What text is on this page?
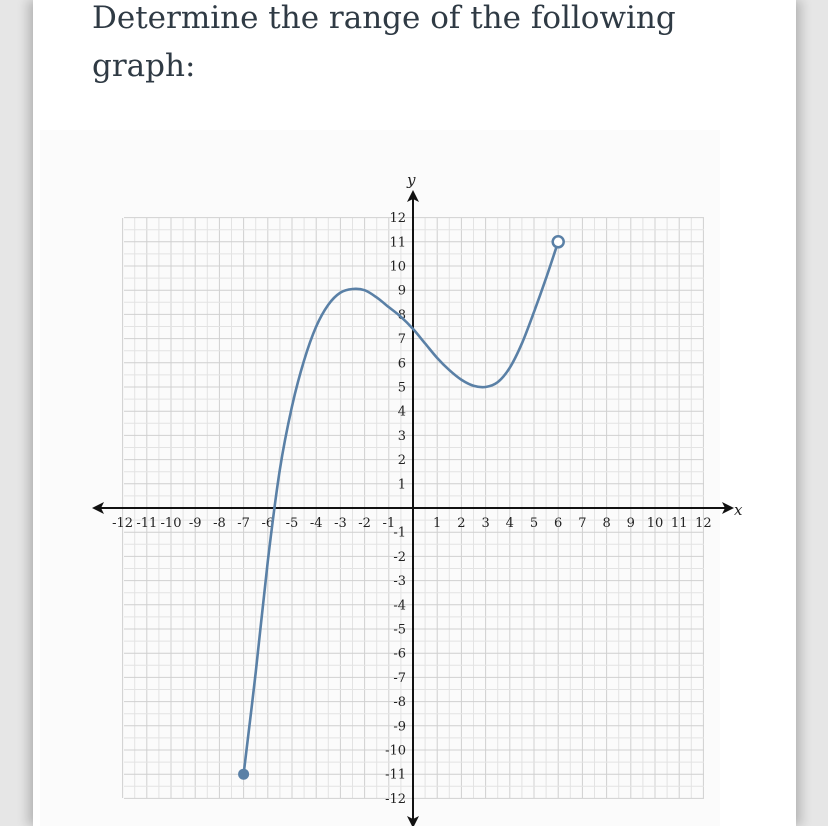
Determine the range of the following graph:

x
y
-12 -11 -10 -9 -8 -7 -6 -5 -4 -3 -2 -1	1 2 3 4 5 6 7 8 9 10 11 12
-12
-11
-10
-9
-8
-7
-6
-5
-4
-3
-2
-1
1
2
3
4
5
6
7
8
9
10
11
12
